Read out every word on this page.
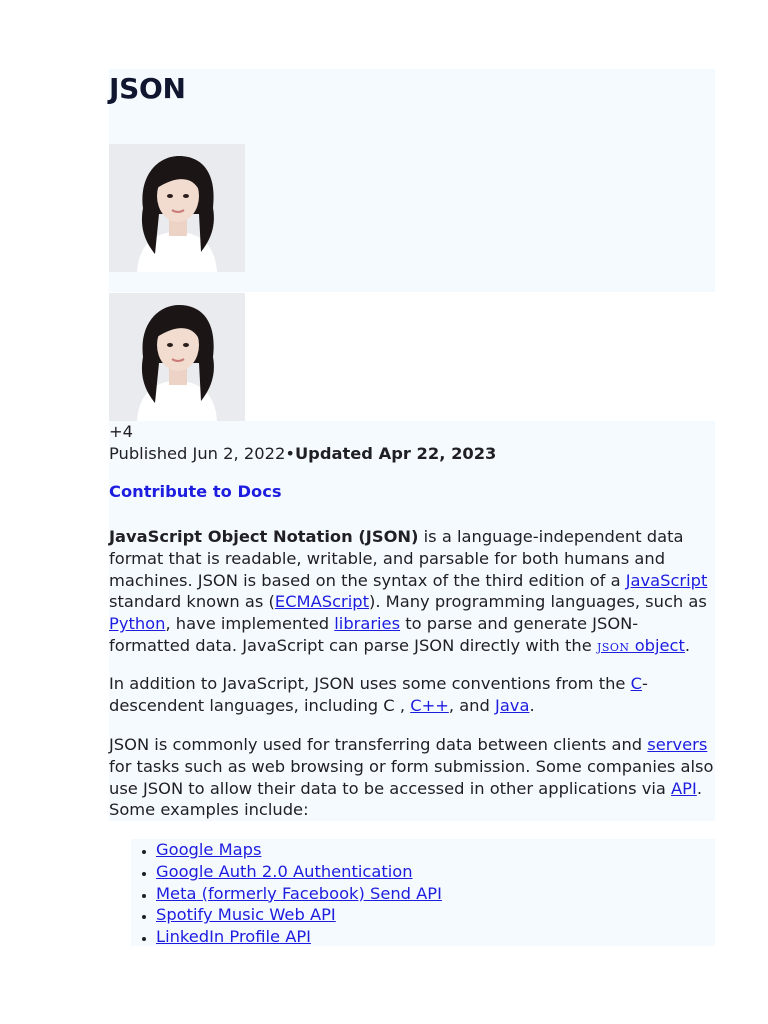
JSON
+4
Published Jun 2, 2022•Updated Apr 22, 2023
Contribute to Docs

JavaScript Object Notation (JSON) is a language-independent data format that is readable, writable, and parsable for both humans and machines. JSON is based on the syntax of the third edition of a JavaScript standard known as (ECMAScript). Many programming languages, such as Python, have implemented libraries to parse and generate JSON-formatted data. JavaScript can parse JSON directly with the JSON object.

In addition to JavaScript, JSON uses some conventions from the C-descendent languages, including C , C++, and Java.

JSON is commonly used for transferring data between clients and servers for tasks such as web browsing or form submission. Some companies also use JSON to allow their data to be accessed in other applications via API. Some examples include:

• Google Maps
• Google Auth 2.0 Authentication
• Meta (formerly Facebook) Send API
• Spotify Music Web API
• LinkedIn Profile API
